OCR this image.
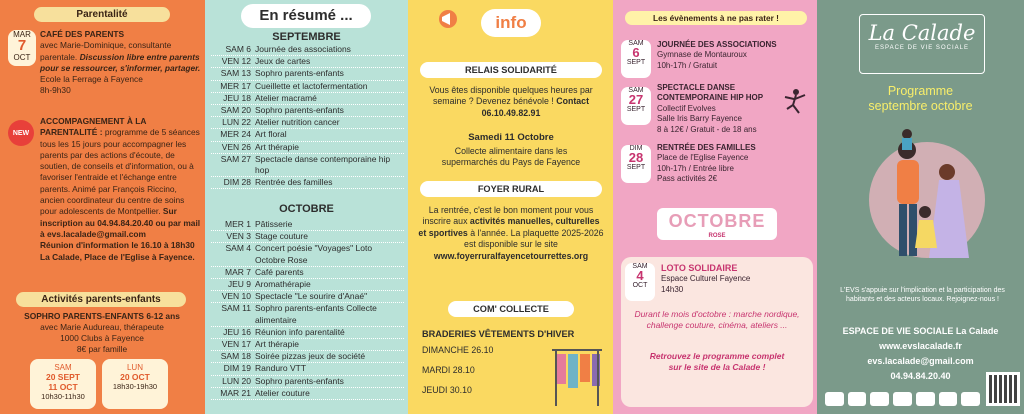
Parentalité
MAR
7
OCT
CAFÉ DES PARENTS
avec Marie-Dominique, consultante parentale. Discussion libre entre parents pour se ressourcer, s'informer, partager.
Ecole la Ferrage à Fayence
8h-9h30
NEW
ACCOMPAGNEMENT À LA PARENTALITÉ : programme de 5 séances tous les 15 jours pour accompagner les parents par des actions d'écoute, de soutien, de conseils et d'information, ou à favoriser l'entraide et l'échange entre parents. Animé par François Riccino, ancien coordinateur du centre de soins pour adolescents de Montpellier. Sur inscription au 04.94.84.20.40 ou par mail à evs.lacalade@gmail.com
Réunion d'information le 16.10 à 18h30 La Calade, Place de l'Eglise à Fayence.
Activités parents-enfants
SOPHRO PARENTS-ENFANTS 6-12 ans
avec Marie Audureau, thérapeute
1000 Clubs à Fayence
8€ par famille
SAM
20 SEPT
11 OCT
10h30-11h30
LUN
20 OCT
18h30-19h30
En résumé ...
SEPTEMBRE
SAM 6 Journée des associations
VEN 12 Jeux de cartes
SAM 13 Sophro parents-enfants
MER 17 Cueillette et lactofermentation
JEU 18 Atelier macramé
SAM 20 Sophro parents-enfants
LUN 22 Atelier nutrition cancer
MER 24 Art floral
VEN 26 Art thérapie
SAM 27 Spectacle danse contemporaine hip hop
DIM 28 Rentrée des familles
OCTOBRE
MER 1 Pâtisserie
VEN 3 Stage couture
SAM 4 Concert poésie "Voyages" Loto Octobre Rose
MAR 7 Café parents
JEU 9 Aromathérapie
VEN 10 Spectacle "Le sourire d'Anaé"
SAM 11 Sophro parents-enfants Collecte alimentaire
JEU 16 Réunion info parentalité
VEN 17 Art thérapie
SAM 18 Soirée pizzas jeux de société
DIM 19 Randuro VTT
LUN 20 Sophro parents-enfants
MAR 21 Atelier couture
info
RELAIS SOLIDARITÉ
Vous êtes disponible quelques heures par semaine ? Devenez bénévole ! Contact 06.10.49.82.91
Samedi 11 Octobre
Collecte alimentaire dans les supermarchés du Pays de Fayence
FOYER RURAL
La rentrée, c'est le bon moment pour vous inscrire aux activités manuelles, culturelles et sportives à l'année. La plaquette 2025-2026 est disponible sur le site www.foyerruralfayencetourrettes.org
COM' COLLECTE
BRADERIES VÊTEMENTS D'HIVER
DIMANCHE 26.10
MARDI 28.10
JEUDI 30.10
Les évènements à ne pas rater !
SAM
6
SEPT
JOURNÉE DES ASSOCIATIONS
Gymnase de Montauroux
10h-17h / Gratuit
SAM
27
SEPT
SPECTACLE DANSE CONTEMPORAINE HIP HOP
Collectif Evolves
Salle Iris Barry Fayence
8 à 12€ / Gratuit - de 18 ans
DIM
28
SEPT
RENTRÉE DES FAMILLES
Place de l'Eglise Fayence
10h-17h / Entrée libre
Pass activités 2€
OCTOBRE
ROSE
SAM
4
OCT
LOTO SOLIDAIRE
Espace Culturel Fayence
14h30
Durant le mois d'octobre : marche nordique, challenge couture, cinéma, ateliers ...
Retrouvez le programme complet sur le site de la Calade !
La Calade
ESPACE DE VIE SOCIALE
Programme
septembre octobre
L'EVS s'appuie sur l'implication et la participation des habitants et des acteurs locaux. Rejoignez-nous !
ESPACE DE VIE SOCIALE La Calade
www.evslacalade.fr
evs.lacalade@gmail.com
04.94.84.20.40
